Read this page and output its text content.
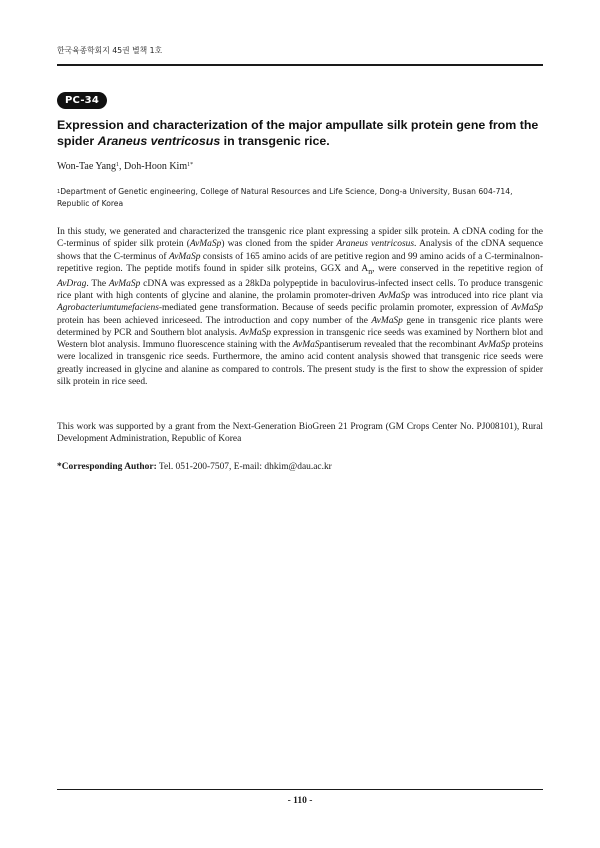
한국육종학회지 45권 별책 1호
PC-34
Expression and characterization of the major ampullate silk protein gene from the spider Araneus ventricosus in transgenic rice.
Won-Tae Yang$^1$, Doh-Hoon Kim$^{1*}$
$^1$Department of Genetic engineering, College of Natural Resources and Life Science, Dong-a University, Busan 604-714, Republic of Korea

In this study, we generated and characterized the transgenic rice plant expressing a spider silk protein. A cDNA coding for the C-terminus of spider silk protein (AvMaSp) was cloned from the spider Araneus ventricosus. Analysis of the cDNA sequence shows that the C-terminus of AvMaSp consists of 165 amino acids of are petitive region and 99 amino acids of a C-terminalnon-repetitive region. The peptide motifs found in spider silk proteins, GGX and $A_n$, were conserved in the repetitive region of AvDrag. The AvMaSp cDNA was expressed as a 28kDa polypeptide in baculovirus-infected insect cells. To produce transgenic rice plant with high contents of glycine and alanine, the prolamin promoter-driven AvMaSp was introduced into rice plant via Agrobacteriumtumefaciens-mediated gene transformation. Because of seeds pecific prolamin promoter, expression of AvMaSp protein has been achieved inriceseed. The introduction and copy number of the AvMaSp gene in transgenic rice plants were determined by PCR and Southern blot analysis. AvMaSp expression in transgenic rice seeds was examined by Northern blot and Western blot analysis. Immuno fluorescence staining with the AvMaSpantiserum revealed that the recombinant AvMaSp proteins were localized in transgenic rice seeds. Furthermore, the amino acid content analysis showed that transgenic rice seeds were greatly increased in glycine and alanine as compared to controls. The present study is the first to show the expression of spider silk protein in rice seed.

This work was supported by a grant from the Next-Generation BioGreen 21 Program (GM Crops Center No. PJ008101), Rural Development Administration, Republic of Korea

*Corresponding Author: Tel. 051-200-7507, E-mail: dhkim@dau.ac.kr
- 110 -
